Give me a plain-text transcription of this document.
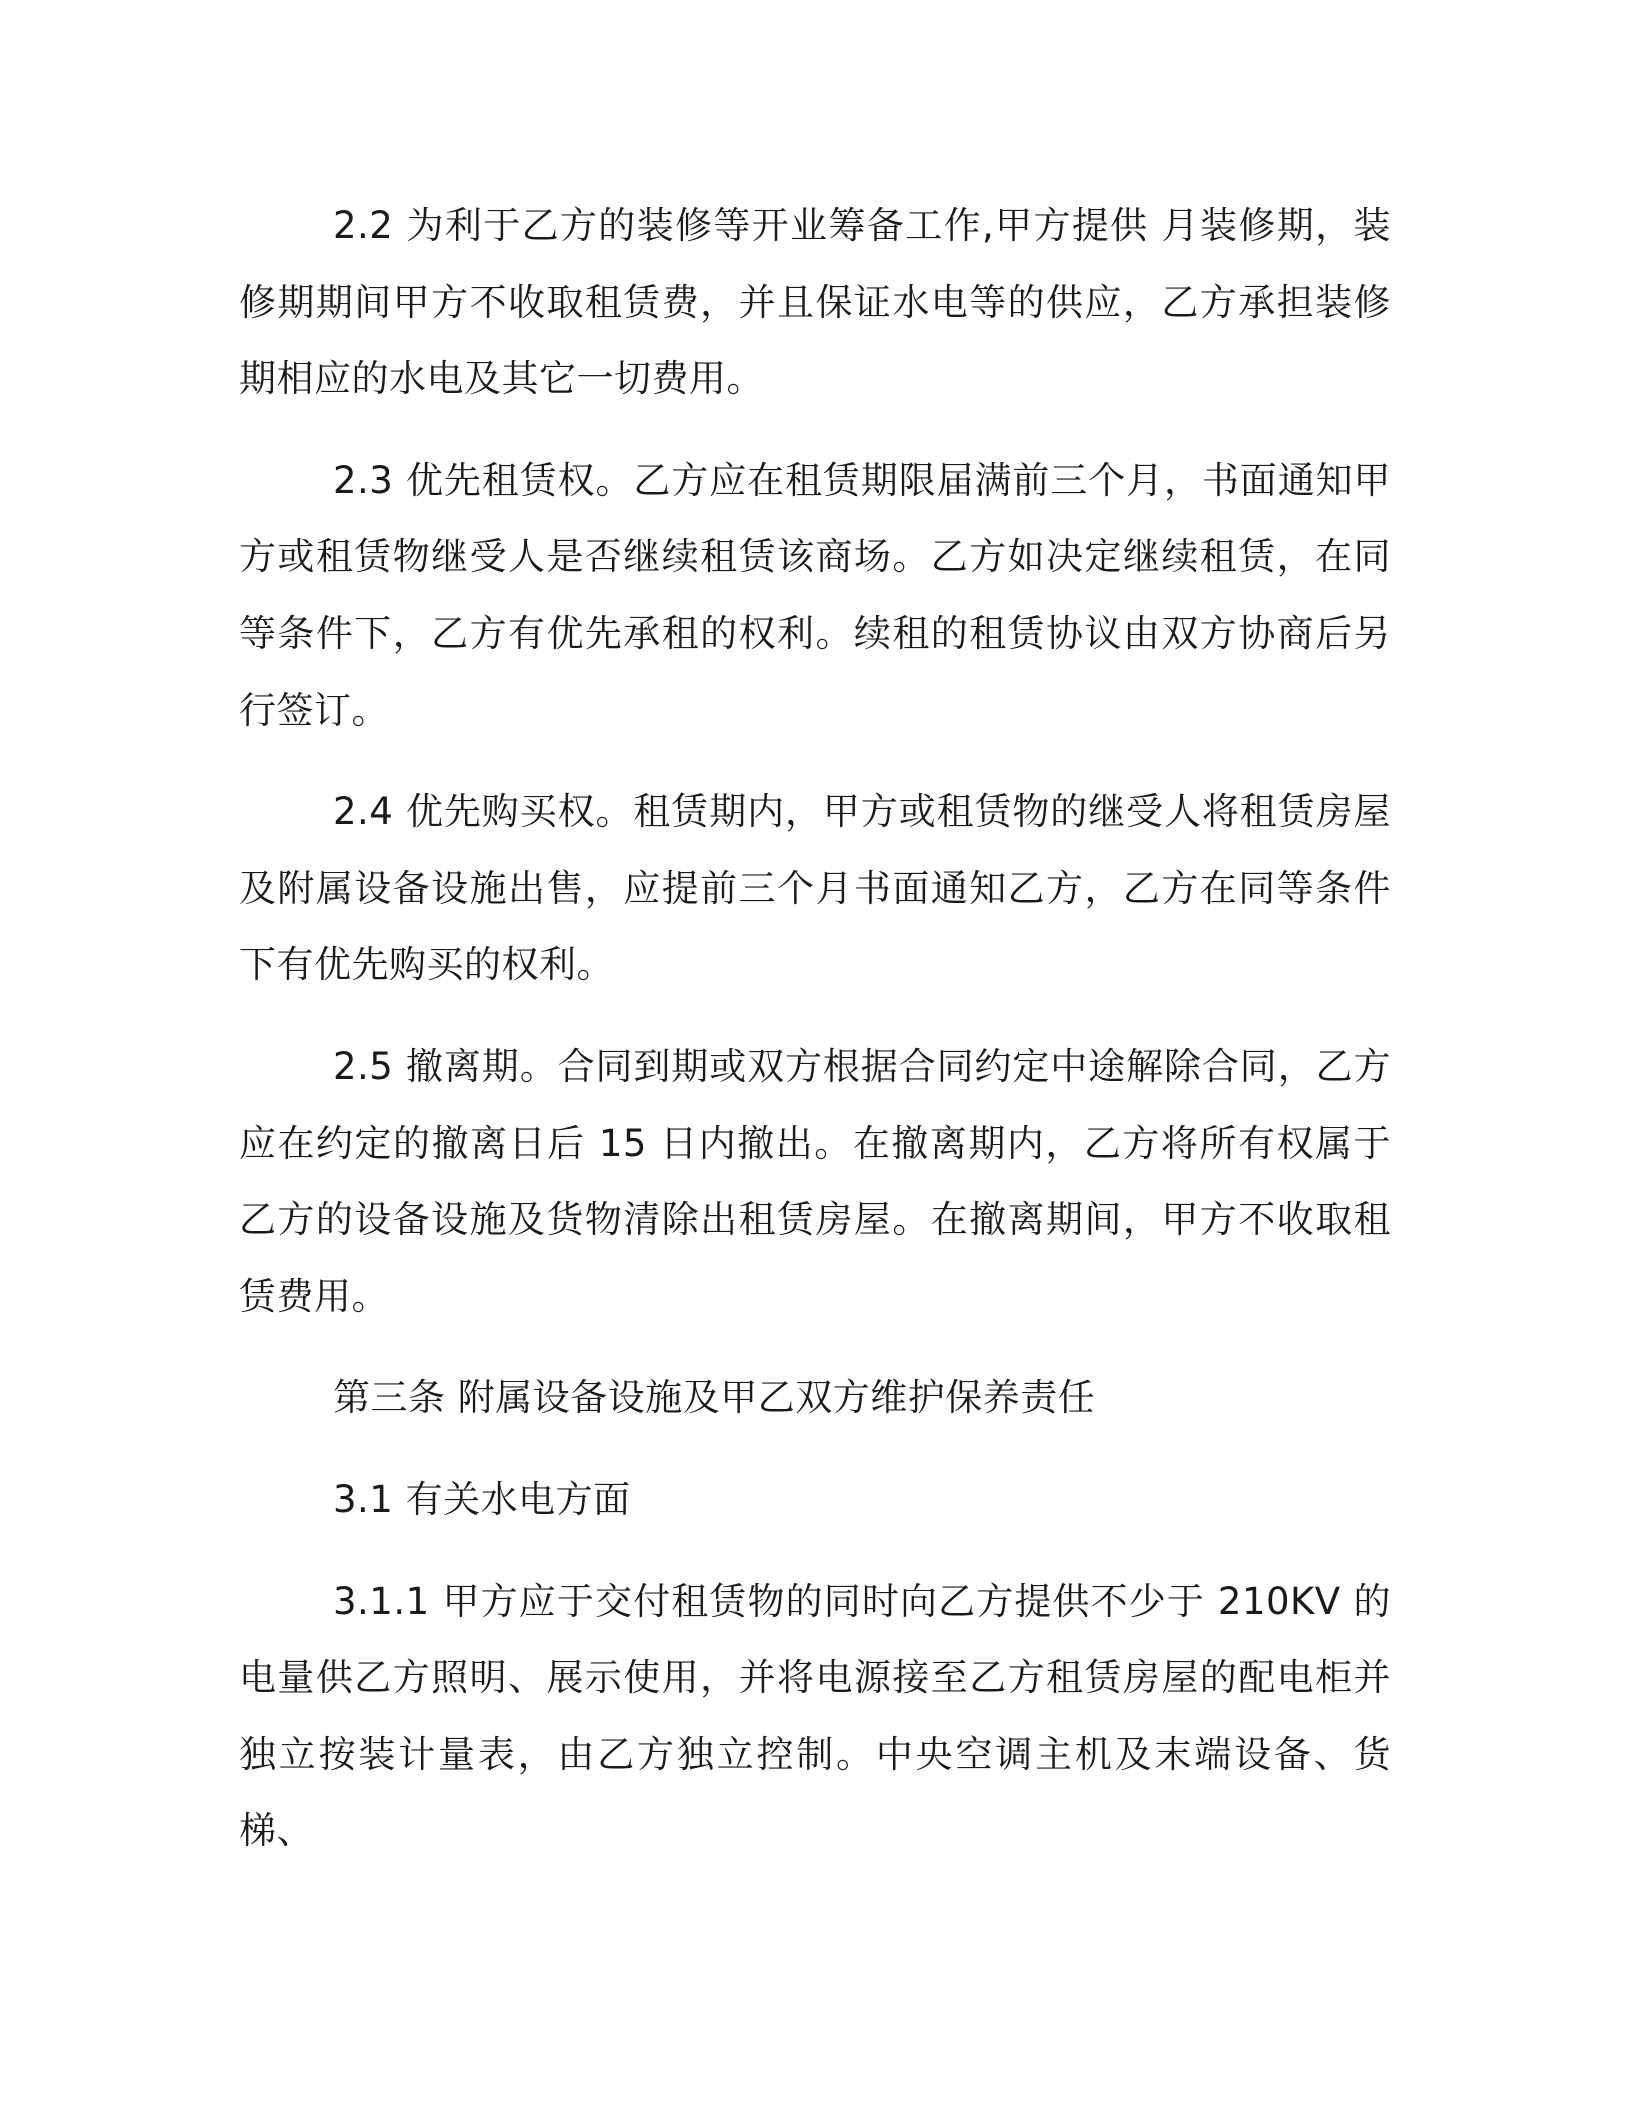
2.2 为利于乙方的装修等开业筹备工作,甲方提供 月装修期，装修期期间甲方不收取租赁费，并且保证水电等的供应，乙方承担装修期相应的水电及其它一切费用。

2.3 优先租赁权。乙方应在租赁期限届满前三个月，书面通知甲方或租赁物继受人是否继续租赁该商场。乙方如决定继续租赁，在同等条件下，乙方有优先承租的权利。续租的租赁协议由双方协商后另行签订。

2.4 优先购买权。租赁期内，甲方或租赁物的继受人将租赁房屋及附属设备设施出售，应提前三个月书面通知乙方，乙方在同等条件下有优先购买的权利。

2.5 撤离期。合同到期或双方根据合同约定中途解除合同，乙方应在约定的撤离日后 15 日内撤出。在撤离期内，乙方将所有权属于乙方的设备设施及货物清除出租赁房屋。在撤离期间，甲方不收取租赁费用。

第三条 附属设备设施及甲乙双方维护保养责任

3.1 有关水电方面

3.1.1 甲方应于交付租赁物的同时向乙方提供不少于 210KV 的电量供乙方照明、展示使用，并将电源接至乙方租赁房屋的配电柜并独立按装计量表，由乙方独立控制。中央空调主机及末端设备、货梯、
